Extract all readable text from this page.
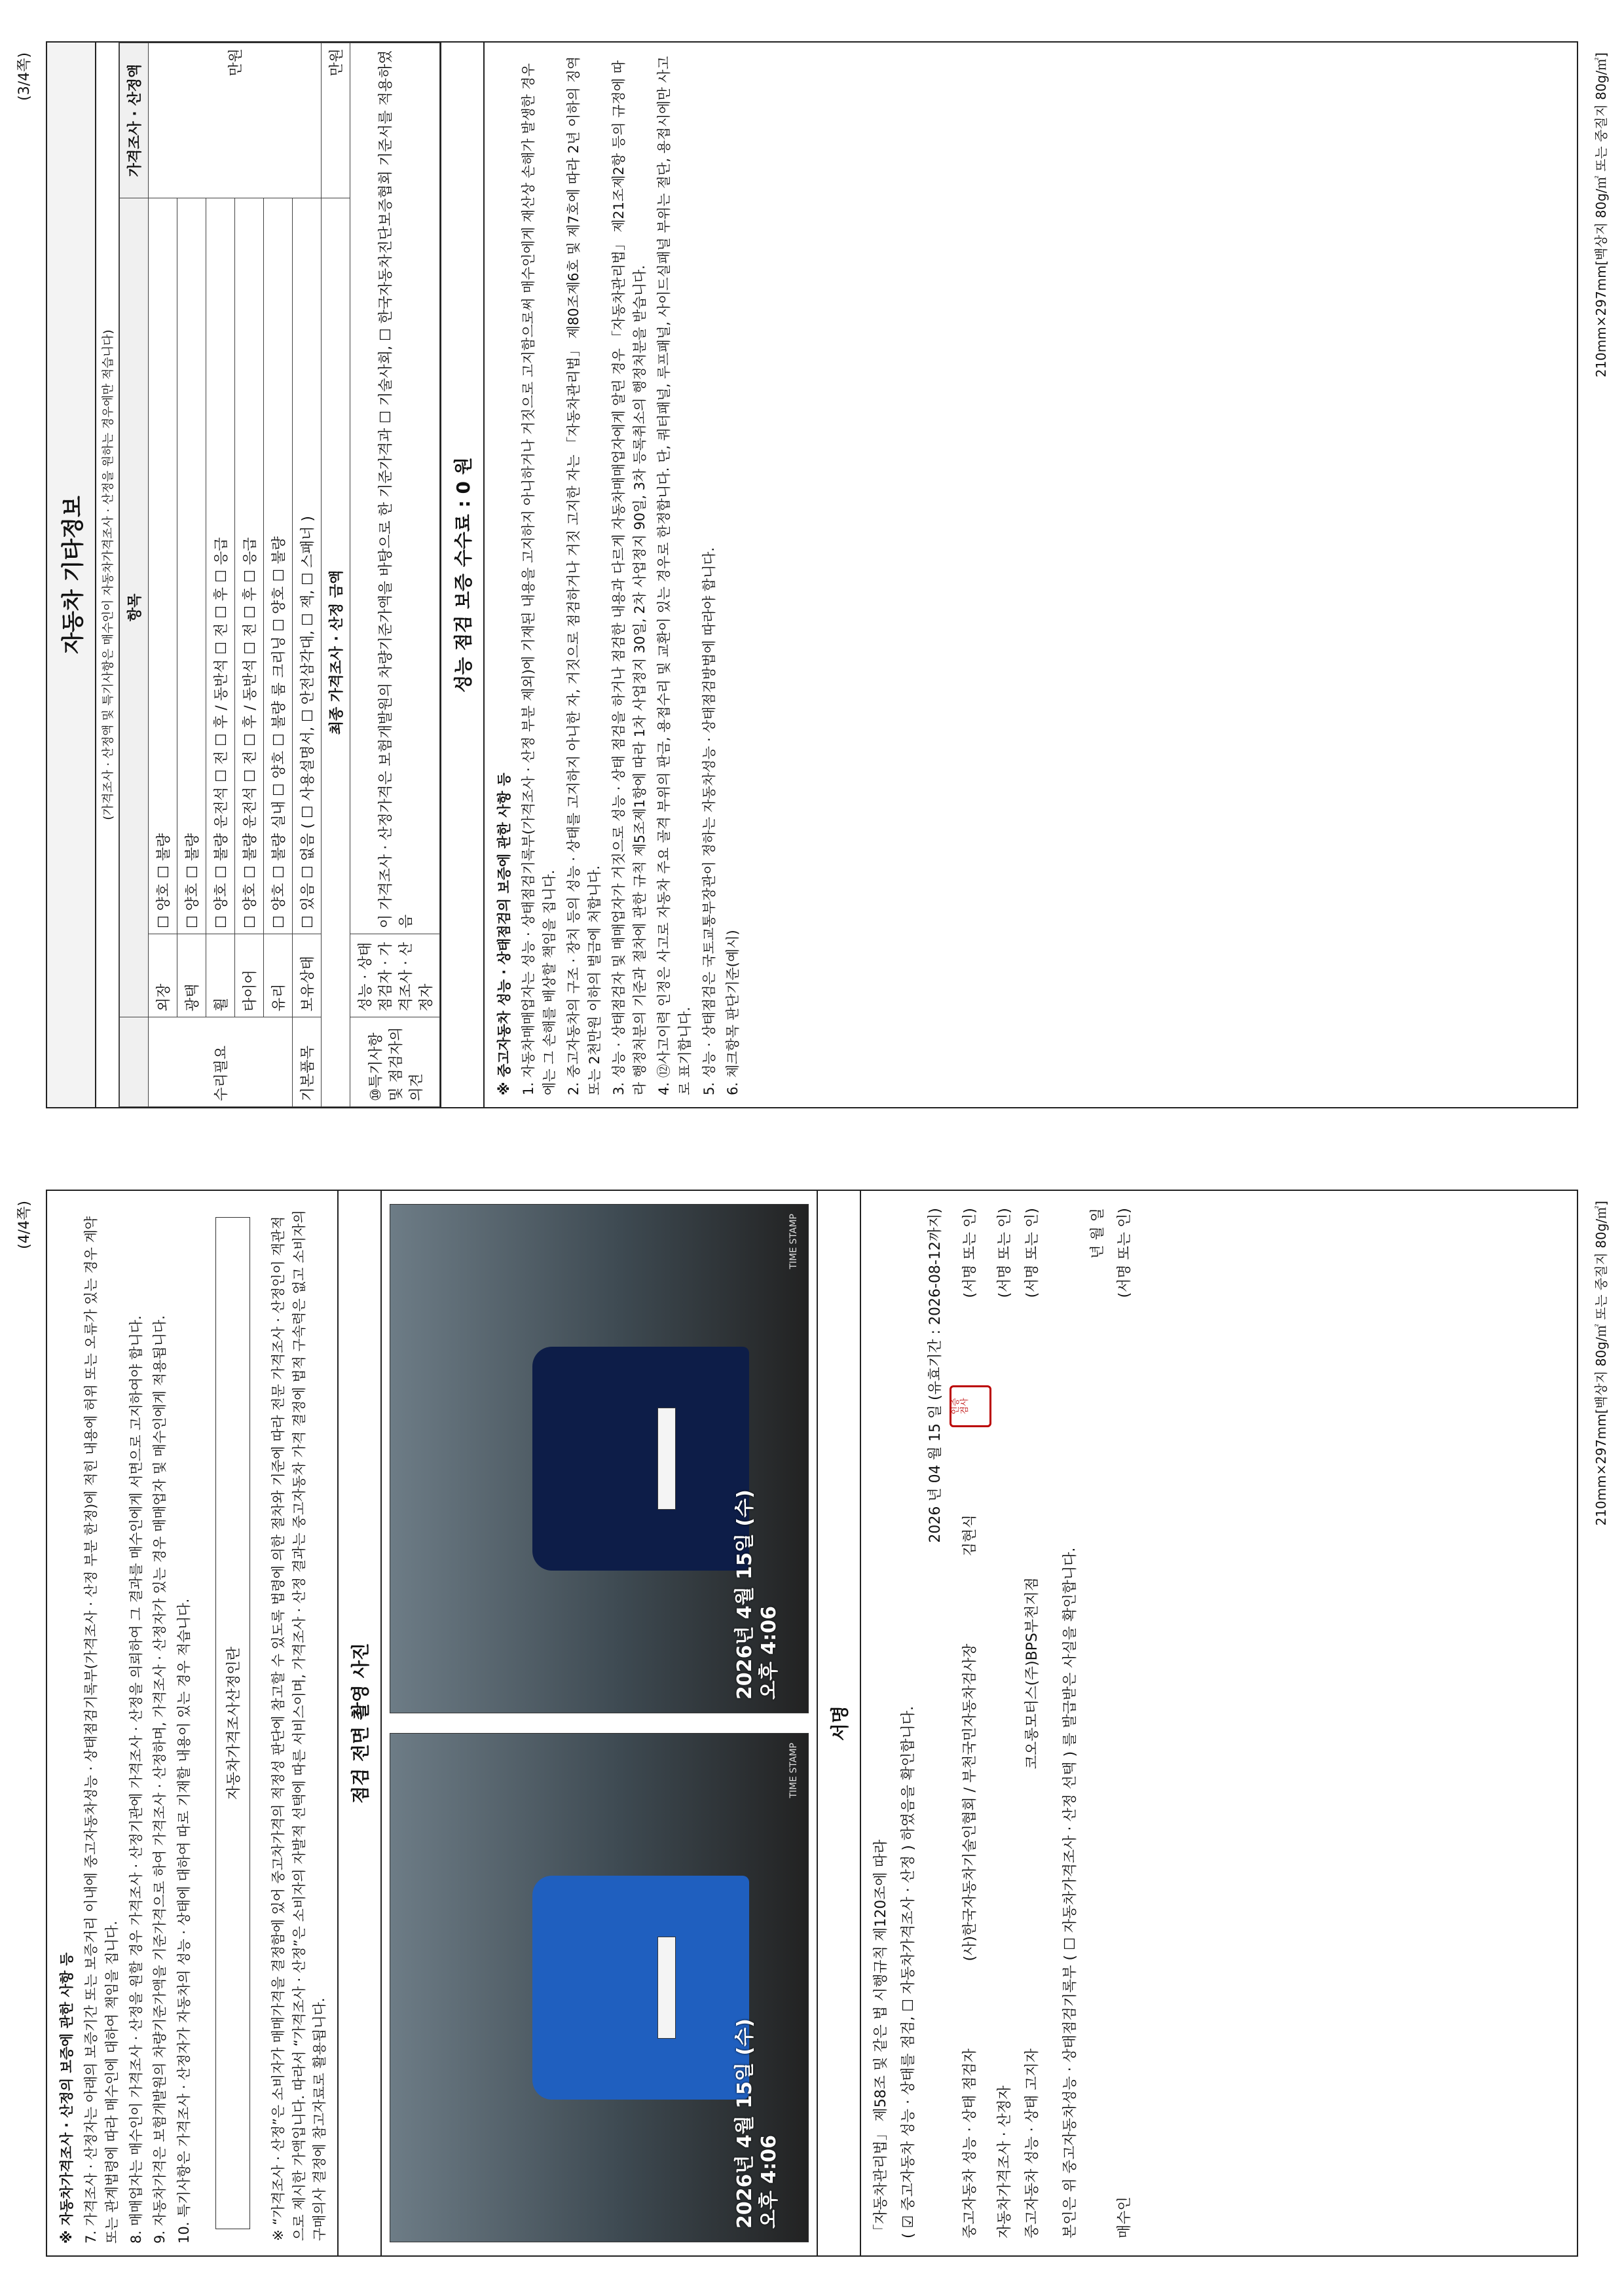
(3/4쪽)
자동차 기타정보	(가격조사 · 산정액 및 특기사항은 매수인이 자동차가격조사 · 산정을 원하는 경우에만 적습니다)
	항목		가격조사 · 산정액
수리필요	외장	☐ 양호 ☐ 불량	만원
	광택	☐ 양호 ☐ 불량	
	휠	☐ 양호 ☐ 불량 운전석 ☐ 전 ☐ 후 / 동반석 ☐ 전 ☐ 후 ☐ 응급	
	타이어	☐ 양호 ☐ 불량 운전석 ☐ 전 ☐ 후 / 동반석 ☐ 전 ☐ 후 ☐ 응급	
	유리	☐ 양호 ☐ 불량 실내 ☐ 양호 ☐ 불량 룸 크리닝 ☐ 양호 ☐ 불량	
기본품목	보유상태	☐ 있음 ☐ 없음 ( ☐ 사용설명서, ☐ 안전삼각대, ☐ 잭, ☐ 스패너 )	
최종 가격조사 · 산정 금액			만원
⑩특기사항 및 점검자의 의견	성능 · 상태 점검자 · 가격조사 · 산정자	이 가격조사 · 산정가격은 보험개발원의 차량기준가액을 바탕으로 한 기준가격과 ☐ 기술사회, ☐ 한국자동차진단보증협회 기준서를 적용하였음	
성능 점검 보증 수수료 : 0 원

※ 중고자동차 성능 · 상태점검의 보증에 관한 사항 등 1. 자동차매매업자는 성능 · 상태점검기록부(가격조사 · 산정 부분 제외)에 기재된 내용을 고지하지 아니하거나 거짓으로 고지함으로써 매수인에게 재산상 손해가 발생한 경우에는 그 손해를 배상할 책임을 집니다. 2. 중고자동차의 구조 · 장치 등의 성능 · 상태를 고지하지 아니한 자, 거짓으로 점검하거나 거짓 고지한 자는 「자동차관리법」 제80조제6호 및 제7호에 따라 2년 이하의 징역 또는 2천만원 이하의 벌금에 처합니다. 3. 성능 · 상태점검자 및 매매업자가 거짓으로 성능 · 상태 점검을 하거나 점검한 내용과 다르게 자동차매매업자에게 알린 경우 「자동차관리법」 제21조제2항 등의 규정에 따라 행정처분의 기준과 절차에 관한 규칙 제5조제1항에 따라 1차 사업정지 30일, 2차 사업정지 90일, 3차 등록취소의 행정처분을 받습니다. 4. ⑫사고이력 인정은 사고로 자동차 주요 골격 부위의 판금, 용접수리 및 교환이 있는 경우로 한정합니다. 단, 쿼터패널, 루프패널, 사이드실패널 부위는 절단, 용접시에만 사고로 표기합니다. 5. 성능 · 상태점검은 국토교통부장관이 정하는 자동차성능 · 상태점검방법에 따라야 합니다. 6. 체크항목 판단기준(예시)

210mm×297mm[백상지 80g/㎡ 또는 중질지 80g/㎡]
(4/4쪽)

※ 자동차가격조사 · 산정의 보증에 관한 사항 등 7. 가격조사 · 산정자는 아래의 보증기간 또는 보증거리 이내에 중고자동차성능 · 상태점검기록부(가격조사 · 산정 부분 한정)에 적힌 내용에 허위 또는 오류가 있는 경우 계약 또는 관계법령에 따라 매수인에 대하여 책임을 집니다. 8. 매매업자는 매수인이 가격조사 · 산정을 원할 경우 가격조사 · 산정기관에 가격조사 · 산정을 의뢰하여 그 결과를 매수인에게 서면으로 고지하여야 합니다. 9. 자동차가격은 보험개발원의 차량기준가액을 기준가격으로 하여 가격조사 · 산정하며, 가격조사 · 산정자가 있는 경우 매매업자 및 매수인에게 적용됩니다. 10. 특기사항은 가격조사 · 산정자가 자동차의 성능 · 상태에 대하여 따로 기재할 내용이 있는 경우 적습니다.	자동차가격조사산정인란	※ “가격조사 · 산정”은 소비자가 매매가격을 결정함에 있어 중고차가격의 적정성 판단에 참고할 수 있도록 법령에 의한 절차와 기준에 따라 전문 가격조사 · 산정인이 객관적으로 제시한 가액입니다. 따라서 “가격조사 · 산정”은 소비자의 자발적 선택에 따른 서비스이며, 가격조사 · 산정 결과는 중고자동차 가격 결정에 법적 구속력은 없고 소비자의 구매의사 결정에 참고자료로 활용됩니다.
점검 전면 촬영 사진
2026년 4월 15일 (수)
오후 4:06
TIME STAMP
2026년 4월 15일 (수)
오후 4:06
TIME STAMP
서명
「자동차관리법」 제58조 및 같은 법 시행규칙 제120조에 따라 ( ☑ 중고자동차 성능 · 상태를 점검, ☐ 자동차가격조사 · 산정 ) 하였음을 확인합니다.
2026 년 04 월 15 일 (유효기간 : 2026-08-12까지)
중고자동차 성능 · 상태 점검자
(사)한국자동차기술인협회 / 부천국민자동차검사장
김현식
인증
검사
(서명 또는 인)
자동차가격조사 · 산정자
(서명 또는 인)
중고자동차 성능 · 상태 고지자
코오롱모터스(주)BPS부천지점
(서명 또는 인)
본인은 위 중고자동차성능 · 상태점검기록부 ( ☐ 자동차가격조사 · 산정 선택 ) 를 발급받은 사실을 확인합니다.
년 월 일
매수인
(서명 또는 인)	210mm×297mm[백상지 80g/㎡ 또는 중질지 80g/㎡]
